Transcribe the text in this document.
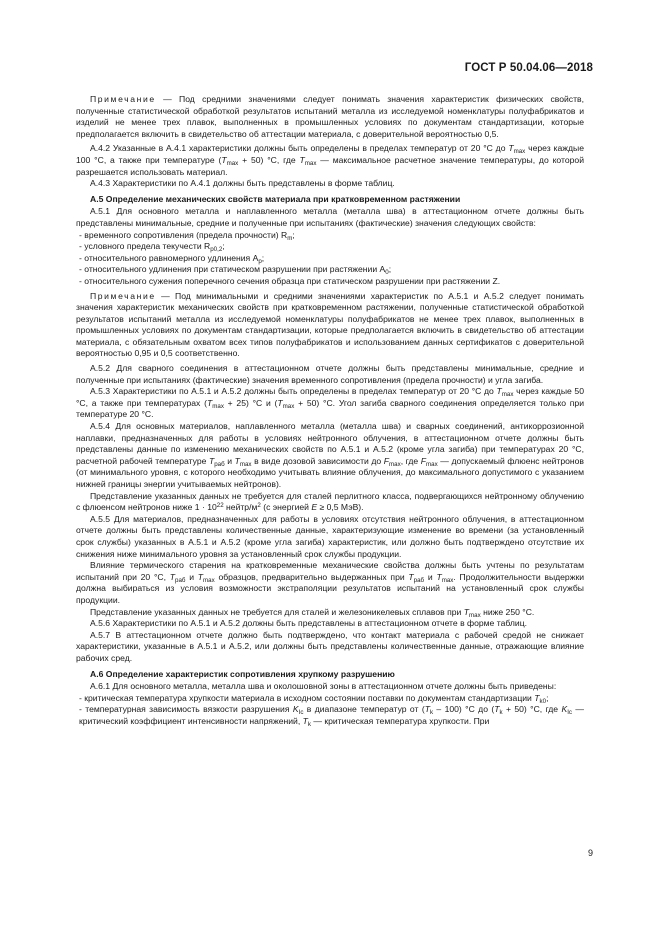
ГОСТ Р 50.04.06—2018

Примечание — Под средними значениями следует понимать значения характеристик физических свойств, полученные статистической обработкой результатов испытаний металла из исследуемой номенклатуры полуфабрикатов и изделий не менее трех плавок, выполненных в промышленных условиях по документам стандартизации, которые предполагается включить в свидетельство об аттестации материала, с доверительной вероятностью 0,5.

А.4.2 Указанные в А.4.1 характеристики должны быть определены в пределах температур от 20 °С до $T_{max}$ через каждые 100 °С, а также при температуре $(T_{max} + 50)$ °С, где $T_{max}$ — максимальное расчетное значение температуры, до которой разрешается использовать материал.

А.4.3 Характеристики по А.4.1 должны быть представлены в форме таблиц.

А.5 Определение механических свойств материала при кратковременном растяжении

А.5.1 Для основного металла и наплавленного металла (металла шва) в аттестационном отчете должны быть представлены минимальные, средние и полученные при испытаниях (фактические) значения следующих свойств:

- временного сопротивления (предела прочности) $R_m$;

- условного предела текучести $R_{p0,2}$;

- относительного равномерного удлинения $А_р$;

- относительного удлинения при статическом разрушении при растяжении $А_0$;

- относительного сужения поперечного сечения образца при статическом разрушении при растяжении Z.

Примечание — Под минимальными и средними значениями характеристик по А.5.1 и А.5.2 следует понимать значения характеристик механических свойств при кратковременном растяжении, полученные статистической обработкой результатов испытаний металла из исследуемой номенклатуры полуфабрикатов не менее трех плавок, выполненных в промышленных условиях по документам стандартизации, которые предполагается включить в свидетельство об аттестации материала, с обязательным охватом всех типов полуфабрикатов и использованием данных сертификатов с доверительной вероятностью 0,95 и 0,5 соответственно.

А.5.2 Для сварного соединения в аттестационном отчете должны быть представлены минимальные, средние и полученные при испытаниях (фактические) значения временного сопротивления (предела прочности) и угла загиба.

А.5.3 Характеристики по А.5.1 и А.5.2 должны быть определены в пределах температур от 20 °С до $T_{max}$ через каждые 50 °С, а также при температурах $(T_{max} + 25)$ °С и $(T_{max} + 50)$ °С. Угол загиба сварного соединения определяется только при температуре 20 °С.

А.5.4 Для основных материалов, наплавленного металла (металла шва) и сварных соединений, антикоррозионной наплавки, предназначенных для работы в условиях нейтронного облучения, в аттестационном отчете должны быть представлены данные по изменению механических свойств по А.5.1 и А.5.2 (кроме угла загиба) при температурах 20 °С, расчетной рабочей температуре $T_{раб}$ и $T_{max}$ в виде дозовой зависимости до $F_{max}$, где $F_{max}$ — допускаемый флюенс нейтронов (от минимального уровня, с которого необходимо учитывать влияние облучения, до максимального допустимого с указанием нижней границы энергии учитываемых нейтронов).

Представление указанных данных не требуется для сталей перлитного класса, подвергающихся нейтронному облучению с флюенсом нейтронов ниже $1 \cdot 10^{22}$ нейтр/$м^2$ (с энергией E ≥ 0,5 МэВ).

А.5.5 Для материалов, предназначенных для работы в условиях отсутствия нейтронного облучения, в аттестационном отчете должны быть представлены количественные данные, характеризующие изменение во времени (за установленный срок службы) указанных в А.5.1 и А.5.2 (кроме угла загиба) характеристик, или должно быть подтверждено отсутствие их снижения ниже минимального уровня за установленный срок службы продукции.

Влияние термического старения на кратковременные механические свойства должны быть учтены по результатам испытаний при 20 °С, $T_{раб}$ и $T_{max}$ образцов, предварительно выдержанных при $T_{раб}$ и $T_{max}$. Продолжительности выдержки должна выбираться из условия возможности экстраполяции результатов испытаний на установленный срок службы продукции.

Представление указанных данных не требуется для сталей и железоникелевых сплавов при $T_{max}$ ниже 250 °С.

А.5.6 Характеристики по А.5.1 и А.5.2 должны быть представлены в аттестационном отчете в форме таблиц.

А.5.7 В аттестационном отчете должно быть подтверждено, что контакт материала с рабочей средой не снижает характеристики, указанные в А.5.1 и А.5.2, или должны быть представлены количественные данные, отражающие влияние рабочих сред.

А.6 Определение характеристик сопротивления хрупкому разрушению

А.6.1 Для основного металла, металла шва и околошовной зоны в аттестационном отчете должны быть приведены:

- критическая температура хрупкости материала в исходном состоянии поставки по документам стандартизации $T_{k0}$;

- температурная зависимость вязкости разрушения $K_{Ic}$ в диапазоне температур от $(T_k - 100)$ °С до $(T_k + 50)$ °С, где $K_{Ic}$ — критический коэффициент интенсивности напряжений, $T_k$ — критическая температура хрупкости. При

9
